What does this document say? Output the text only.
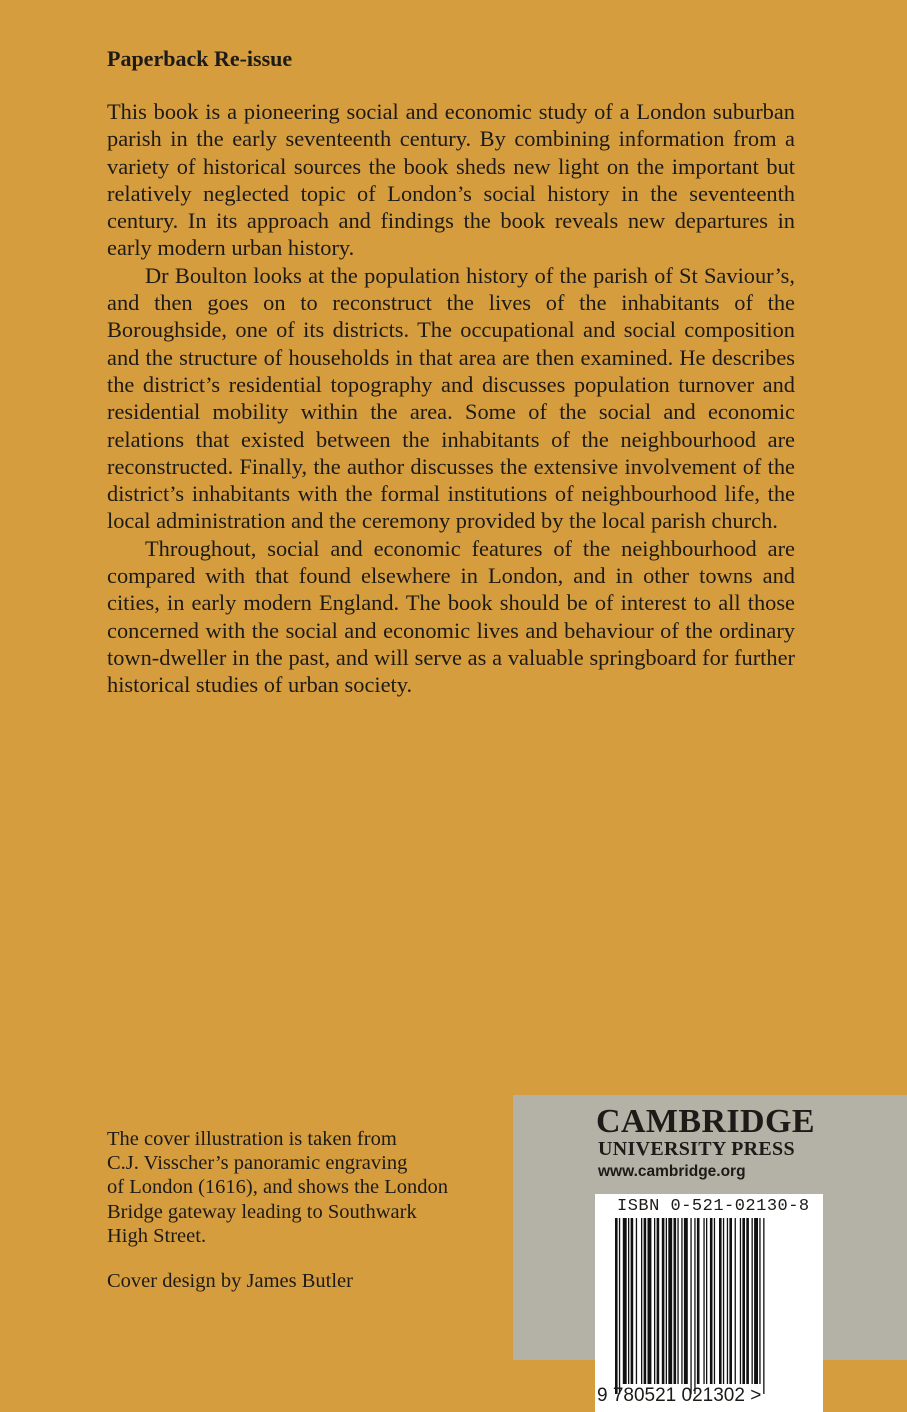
Paperback Re-issue

This book is a pioneering social and economic study of a London suburban parish in the early seventeenth century. By combining information from a variety of historical sources the book sheds new light on the important but relatively neglected topic of London’s social history in the seventeenth century. In its approach and findings the book reveals new departures in early modern urban history.

Dr Boulton looks at the population history of the parish of St Saviour’s, and then goes on to reconstruct the lives of the inhabitants of the Boroughside, one of its districts. The occupational and social composition and the structure of households in that area are then examined. He describes the district’s residential topography and discusses population turnover and residential mobility within the area. Some of the social and economic relations that existed between the inhabitants of the neighbourhood are reconstructed. Finally, the author discusses the extensive involvement of the district’s inhabitants with the formal institutions of neighbourhood life, the local administration and the ceremony provided by the local parish church.

Throughout, social and economic features of the neighbourhood are compared with that found elsewhere in London, and in other towns and cities, in early modern England. The book should be of interest to all those concerned with the social and economic lives and behaviour of the ordinary town-dweller in the past, and will serve as a valuable springboard for further historical studies of urban society.

The cover illustration is taken from

C.J. Visscher’s panoramic engraving

of London (1616), and shows the London

Bridge gateway leading to Southwark

High Street.

Cover design by James Butler

CAMBRIDGE
UNIVERSITY PRESS
www.cambridge.org
ISBN 0-521-02130-8
9 780521 021302 >
